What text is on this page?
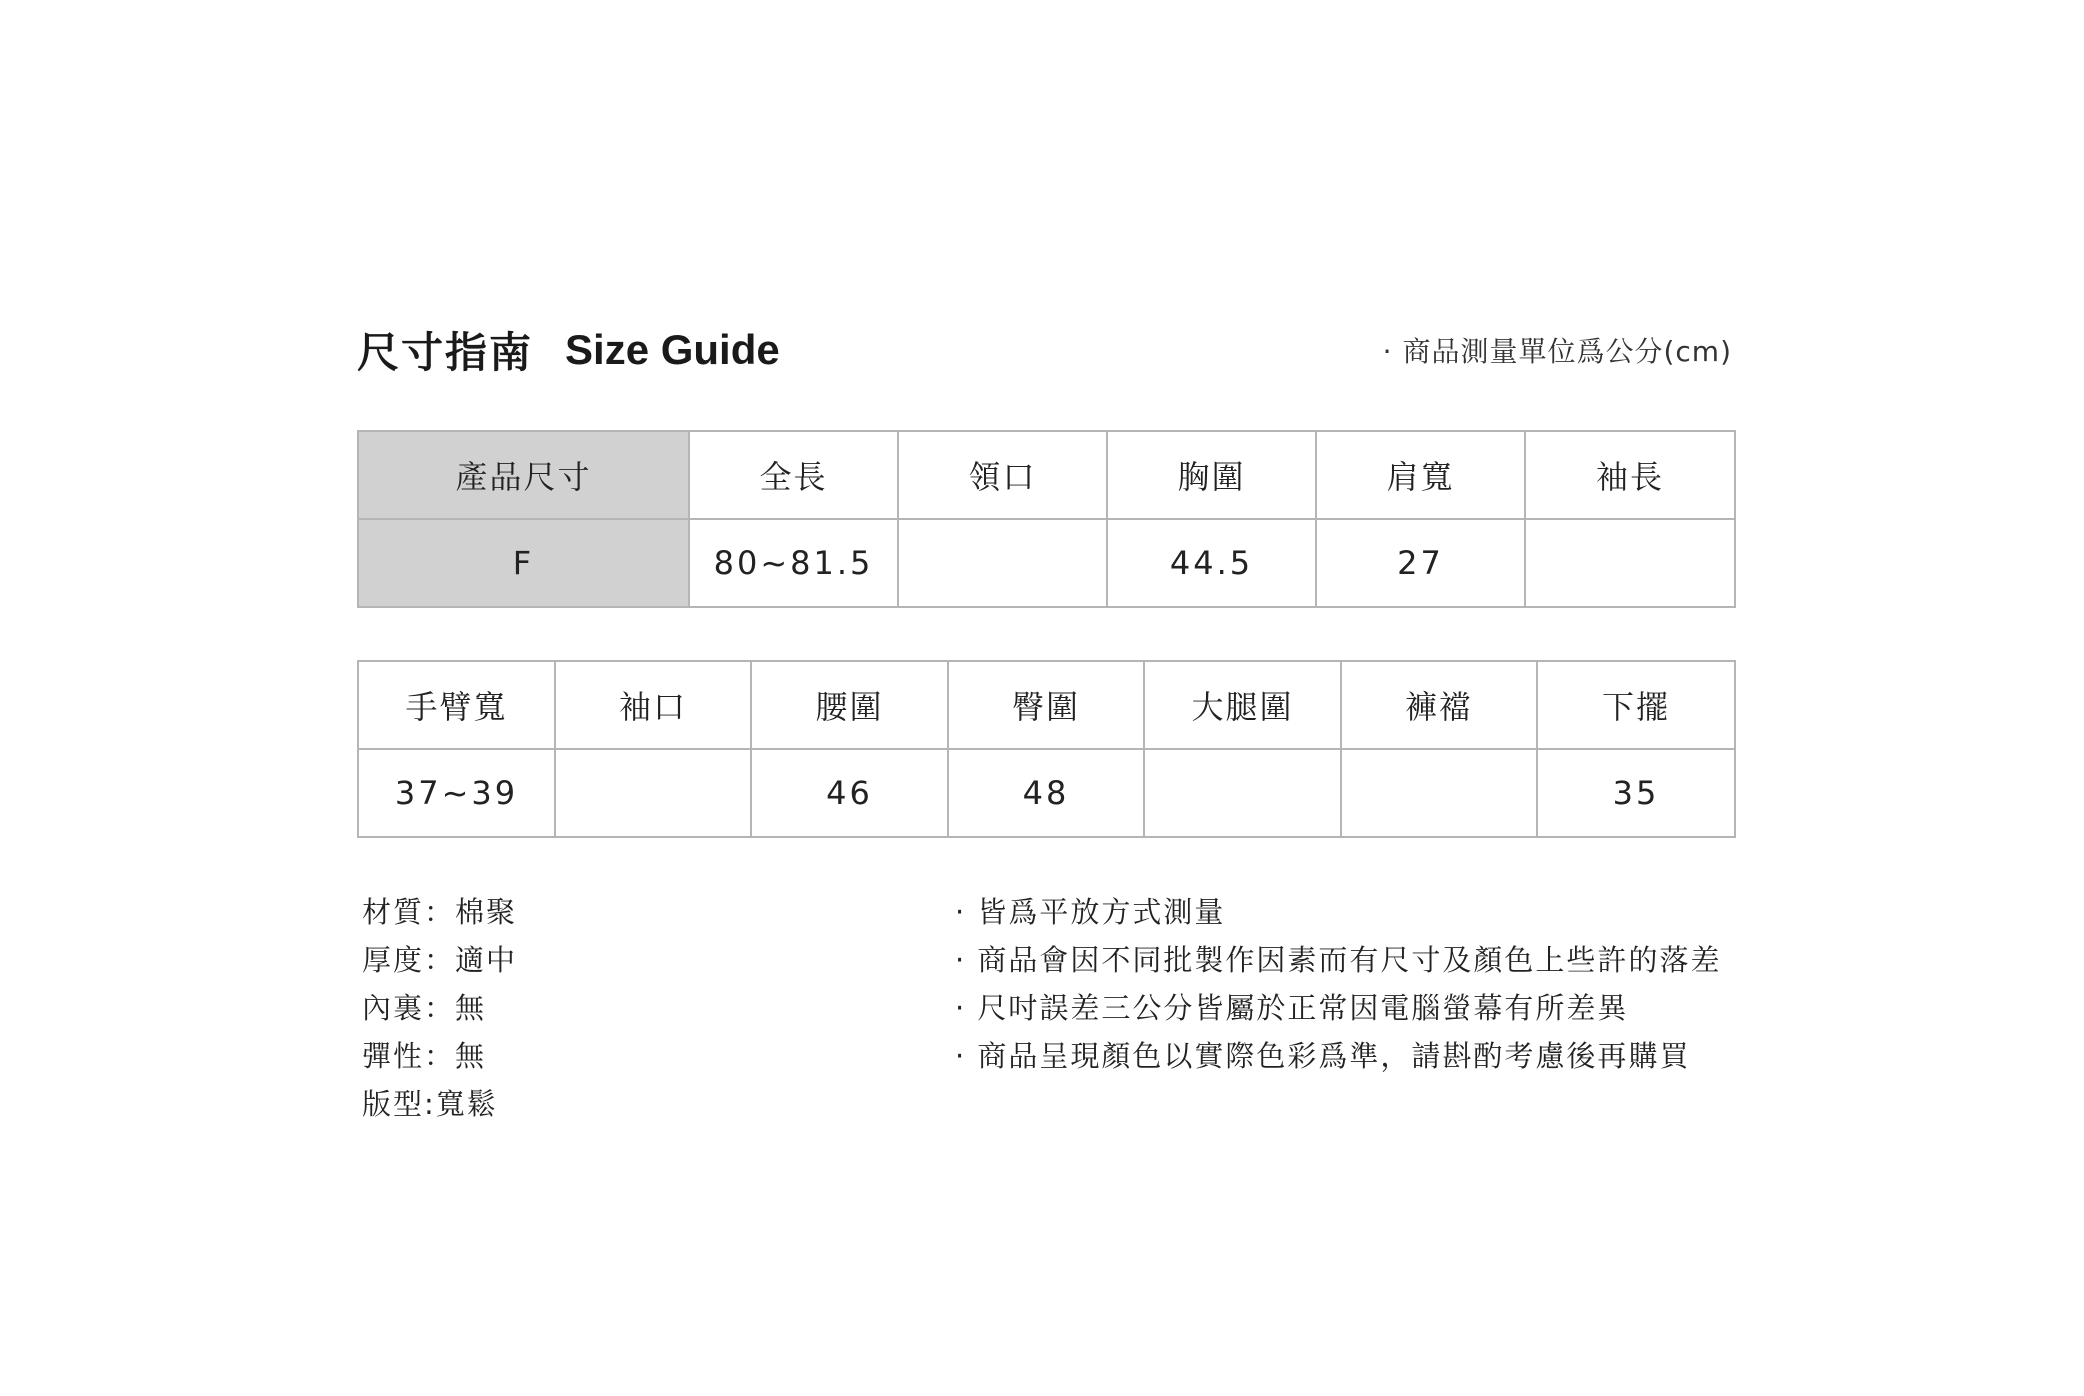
尺寸指南 Size Guide	· 商品測量單位爲公分(cm)
產品尺寸	全長	領口	胸圍	肩寬	袖長
F	80~81.5		44.5	27	
手臂寬	袖口	腰圍	臀圍	大腿圍	褲襠	下擺
37~39		46	48			35
材質：棉聚
厚度：適中
內裏：無
彈性：無
版型:寬鬆
· 皆爲平放方式測量
· 商品會因不同批製作因素而有尺寸及顏色上些許的落差
· 尺吋誤差三公分皆屬於正常因電腦螢幕有所差異
· 商品呈現顏色以實際色彩爲準，請斟酌考慮後再購買
